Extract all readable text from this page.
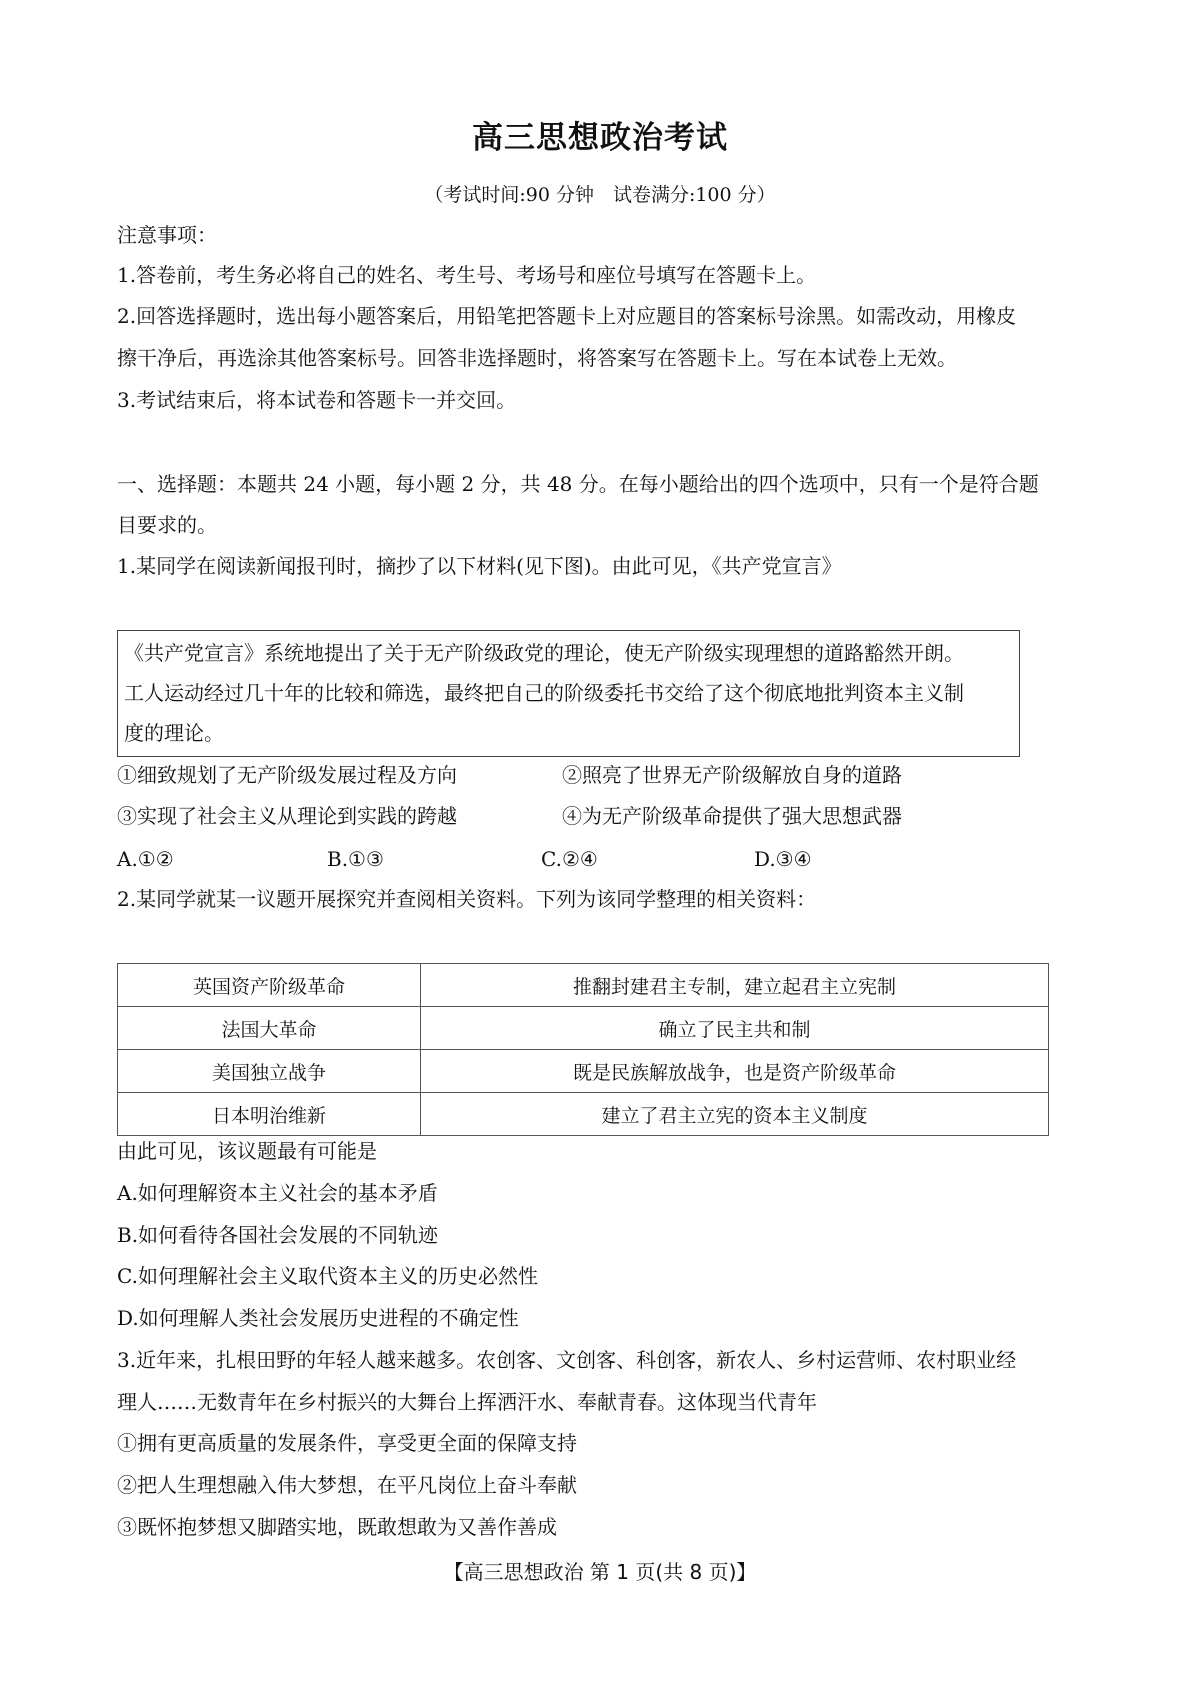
高三思想政治考试
（考试时间:90 分钟　试卷满分:100 分）
注意事项：
1.答卷前，考生务必将自己的姓名、考生号、考场号和座位号填写在答题卡上。
2.回答选择题时，选出每小题答案后，用铅笔把答题卡上对应题目的答案标号涂黑。如需改动，用橡皮
擦干净后，再选涂其他答案标号。回答非选择题时，将答案写在答题卡上。写在本试卷上无效。
3.考试结束后，将本试卷和答题卡一并交回。
一、选择题：本题共 24 小题，每小题 2 分，共 48 分。在每小题给出的四个选项中，只有一个是符合题
目要求的。
1.某同学在阅读新闻报刊时，摘抄了以下材料(见下图)。由此可见，《共产党宣言》
《共产党宣言》系统地提出了关于无产阶级政党的理论，使无产阶级实现理想的道路豁然开朗。
工人运动经过几十年的比较和筛选，最终把自己的阶级委托书交给了这个彻底地批判资本主义制
度的理论。
①细致规划了无产阶级发展过程及方向	②照亮了世界无产阶级解放自身的道路
③实现了社会主义从理论到实践的跨越	④为无产阶级革命提供了强大思想武器
A.①②	B.①③	C.②④	D.③④
2.某同学就某一议题开展探究并查阅相关资料。下列为该同学整理的相关资料：
英国资产阶级革命	推翻封建君主专制，建立起君主立宪制
法国大革命	确立了民主共和制
美国独立战争	既是民族解放战争，也是资产阶级革命
日本明治维新	建立了君主立宪的资本主义制度
由此可见，该议题最有可能是
A.如何理解资本主义社会的基本矛盾
B.如何看待各国社会发展的不同轨迹
C.如何理解社会主义取代资本主义的历史必然性
D.如何理解人类社会发展历史进程的不确定性
3.近年来，扎根田野的年轻人越来越多。农创客、文创客、科创客，新农人、乡村运营师、农村职业经
理人……无数青年在乡村振兴的大舞台上挥洒汗水、奉献青春。这体现当代青年
①拥有更高质量的发展条件，享受更全面的保障支持
②把人生理想融入伟大梦想，在平凡岗位上奋斗奉献
③既怀抱梦想又脚踏实地，既敢想敢为又善作善成
【高三思想政治 第 1 页(共 8 页)】
